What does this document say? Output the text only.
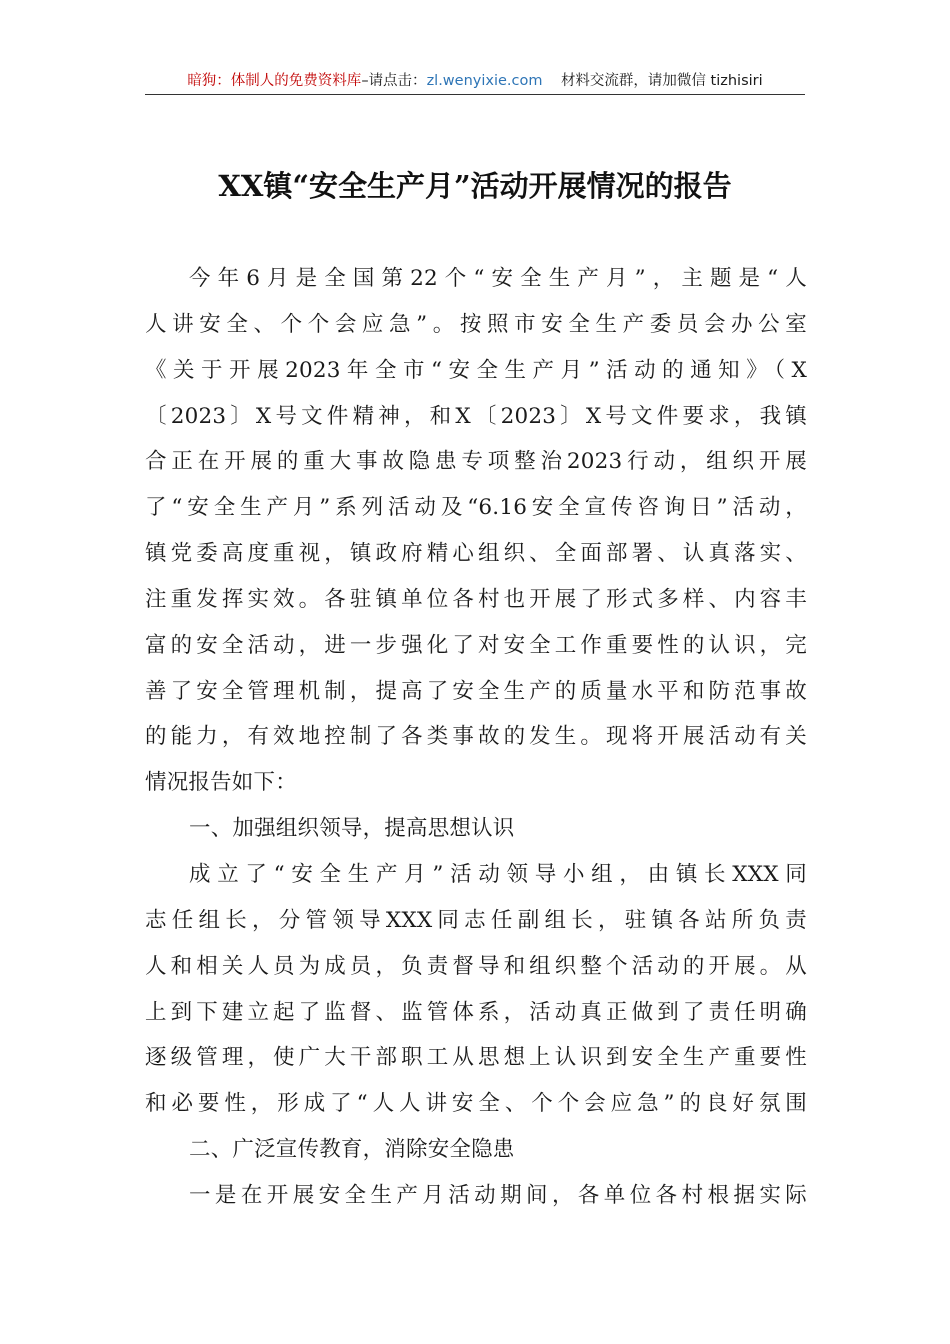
暗狗：体制人的免费资料库–请点击：zl.wenyixie.com 材料交流群，请加微信 tizhisiri
XX镇“安全生产月”活动开展情况的报告
今年6月是全国第22个“安全生产月”，主题是“人
人讲安全、个个会应急”。按照市安全生产委员会办公室
《关于开展2023年全市“安全生产月”活动的通知》（X
〔2023〕X号文件精神，和X〔2023〕X号文件要求，我镇
合正在开展的重大事故隐患专项整治2023行动，组织开展
了“安全生产月”系列活动及“6.16安全宣传咨询日”活动，
镇党委高度重视，镇政府精心组织、全面部署、认真落实、
注重发挥实效。各驻镇单位各村也开展了形式多样、内容丰
富的安全活动，进一步强化了对安全工作重要性的认识，完
善了安全管理机制，提高了安全生产的质量水平和防范事故
的能力，有效地控制了各类事故的发生。现将开展活动有关
情况报告如下：
一、加强组织领导，提高思想认识
成立了“安全生产月”活动领导小组，由镇长XXX同
志任组长，分管领导XXX同志任副组长，驻镇各站所负责
人和相关人员为成员，负责督导和组织整个活动的开展。从
上到下建立起了监督、监管体系，活动真正做到了责任明确
逐级管理，使广大干部职工从思想上认识到安全生产重要性
和必要性，形成了“人人讲安全、个个会应急”的良好氛围
二、广泛宣传教育，消除安全隐患
一是在开展安全生产月活动期间，各单位各村根据实际
